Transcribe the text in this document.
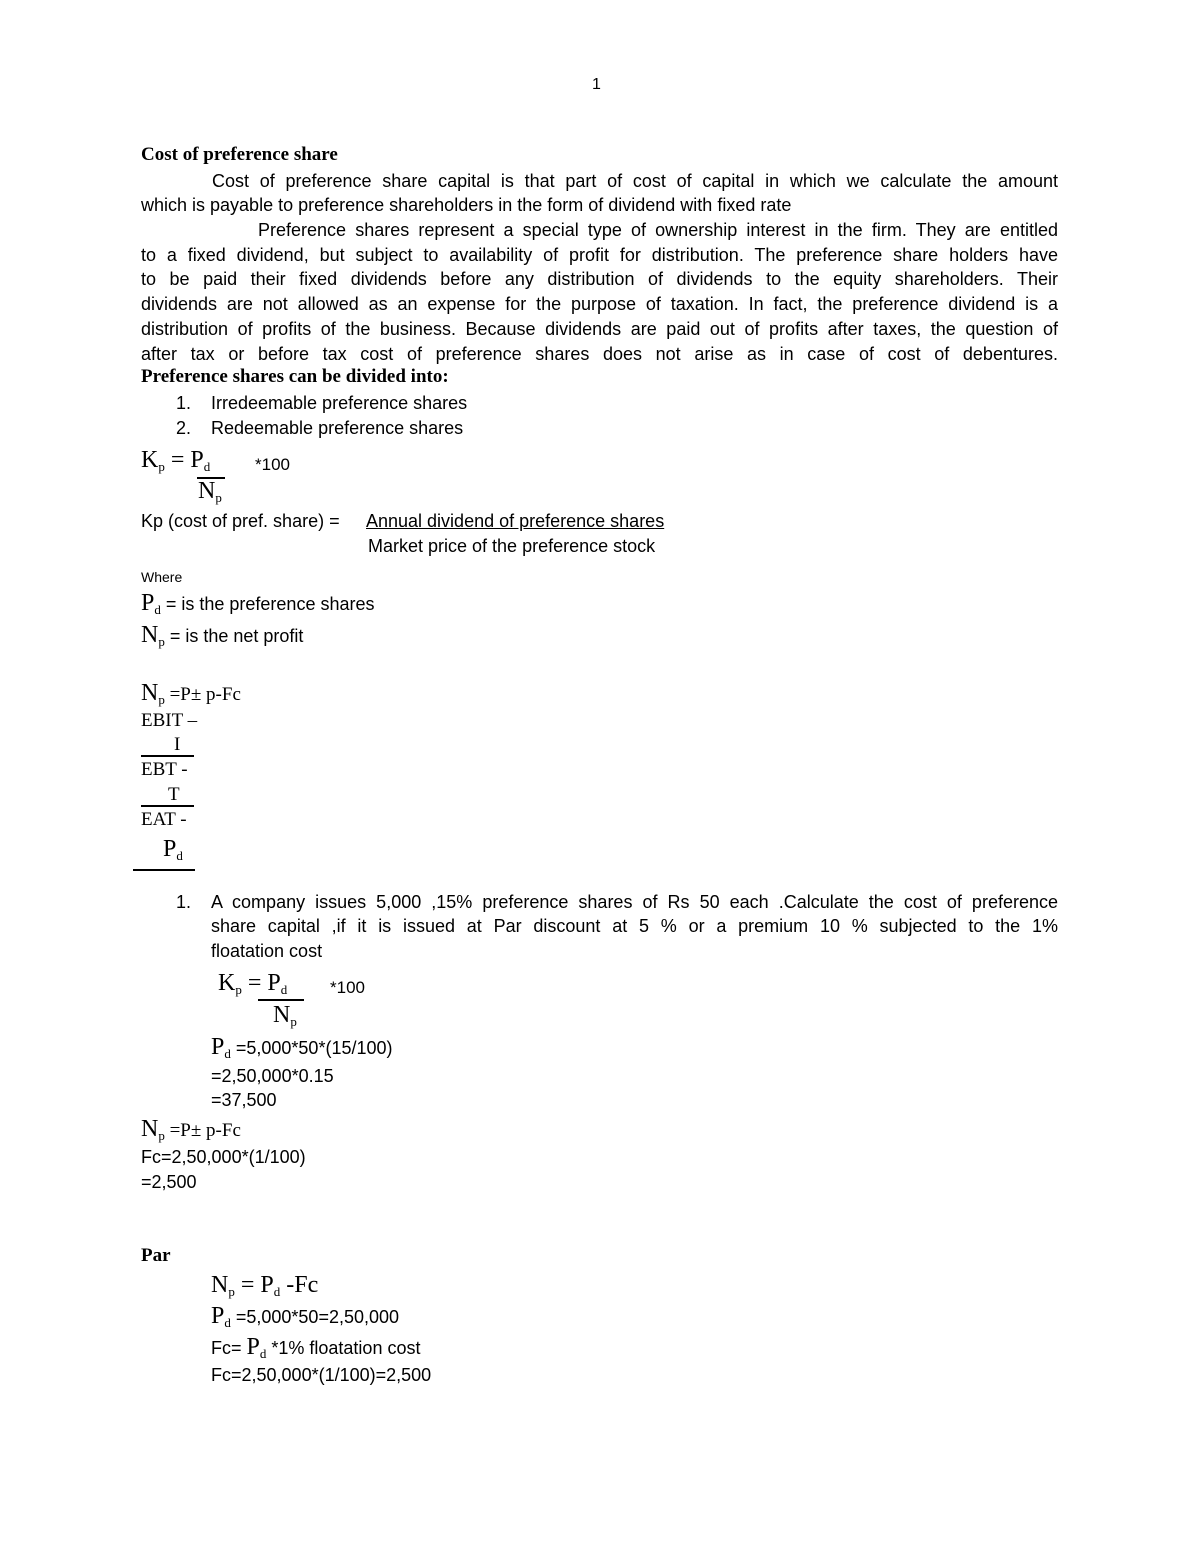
1
Cost of preference share
Cost of preference share capital is that part of cost of capital in which we calculate the amount
which is payable to preference shareholders in the form of dividend with fixed rate
Preference shares represent a special type of ownership interest in the firm. They are entitled
to a fixed dividend, but subject to availability of profit for distribution. The preference share holders have
to be paid their fixed dividends before any distribution of dividends to the equity shareholders. Their
dividends are not allowed as an expense for the purpose of taxation. In fact, the preference dividend is a
distribution of profits of the business. Because dividends are paid out of profits after taxes, the question of
after tax or before tax cost of preference shares does not arise as in case of cost of debentures.
Preference shares can be divided into:
1. Irredeemable preference shares
2. Redeemable preference shares
$K_p = P_d$	*100
$N_p$
Kp (cost of pref. share) = Annual dividend of preference shares
Market price of the preference stock
Where
$P_d$ = is the preference shares
$N_p$ = is the net profit
$N_p =P\pm p-Fc$
EBIT –
I
EBT -
T
EAT -
$P_d$
1. A company issues 5,000 ,15% preference shares of Rs 50 each .Calculate the cost of preference
share capital ,if it is issued at Par discount at 5 % or a premium 10 % subjected to the 1%
floatation cost
$K_p = P_d$	*100
$N_p$
$P_d =5,000*50*(15/100)$
=2,50,000*0.15
=37,500
$N_p =P\pm p-Fc$
Fc=2,50,000*(1/100)
=2,500
Par
$N_p = P_d$ -Fc
$P_d =5,000*50=2,50,000$
$Fc= P_d$ *1% floatation cost
Fc=2,50,000*(1/100)=2,500
